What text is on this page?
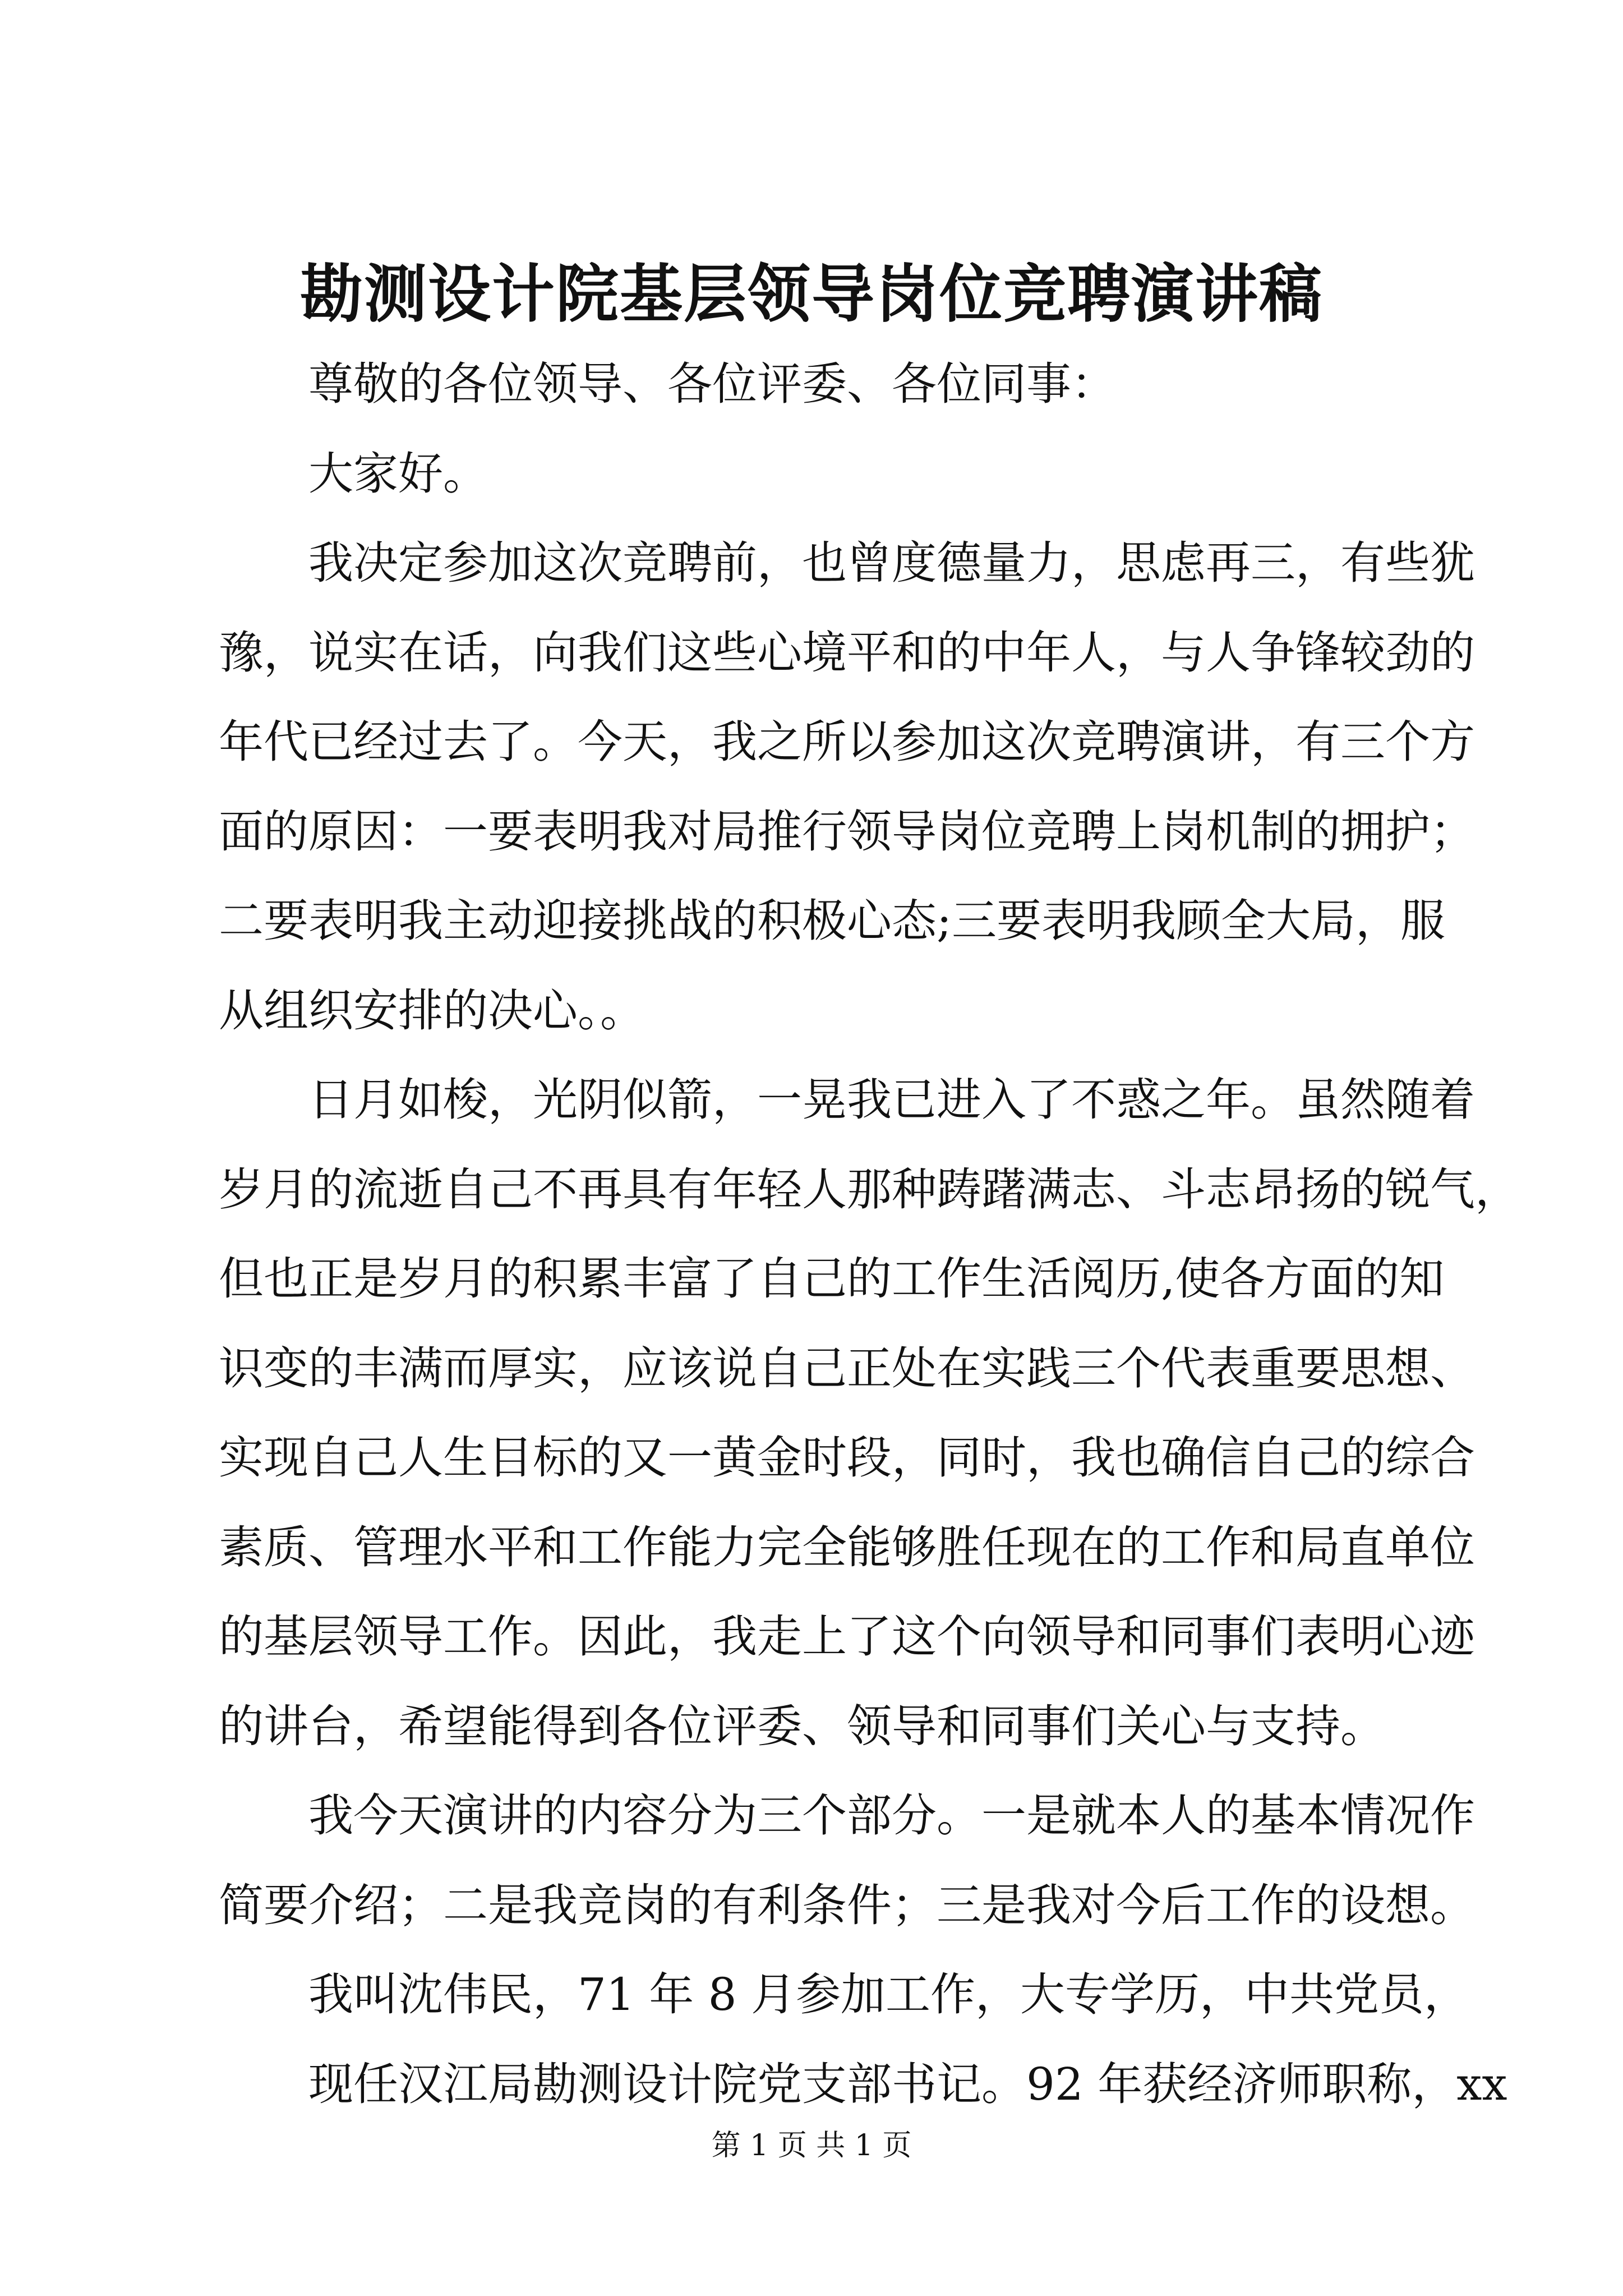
勘测设计院基层领导岗位竞聘演讲稿
尊敬的各位领导、各位评委、各位同事：
大家好。
我决定参加这次竞聘前，也曾度德量力，思虑再三，有些犹
豫，说实在话，向我们这些心境平和的中年人，与人争锋较劲的
年代已经过去了。今天，我之所以参加这次竞聘演讲，有三个方
面的原因：一要表明我对局推行领导岗位竞聘上岗机制的拥护；
二要表明我主动迎接挑战的积极心态;三要表明我顾全大局，服
从组织安排的决心。。
日月如梭，光阴似箭，一晃我已进入了不惑之年。虽然随着
岁月的流逝自己不再具有年轻人那种踌躇满志、斗志昂扬的锐气，
但也正是岁月的积累丰富了自己的工作生活阅历,使各方面的知
识变的丰满而厚实，应该说自己正处在实践三个代表重要思想、
实现自己人生目标的又一黄金时段，同时，我也确信自己的综合
素质、管理水平和工作能力完全能够胜任现在的工作和局直单位
的基层领导工作。因此，我走上了这个向领导和同事们表明心迹
的讲台，希望能得到各位评委、领导和同事们关心与支持。
我今天演讲的内容分为三个部分。一是就本人的基本情况作
简要介绍；二是我竞岗的有利条件；三是我对今后工作的设想。
我叫沈伟民，71 年 8 月参加工作，大专学历，中共党员，
现任汉江局勘测设计院党支部书记。92 年获经济师职称，xx
第 1 页 共 1 页
